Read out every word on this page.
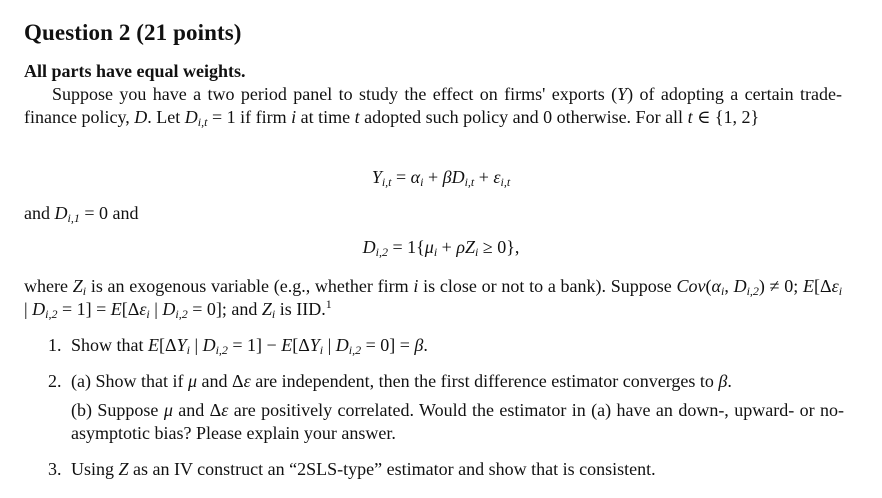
Question 2 (21 points)
All parts have equal weights.
Suppose you have a two period panel to study the effect on firms' exports (Y) of adopting a certain trade-finance policy, D. Let $D_{i,t} = 1$ if firm i at time t adopted such policy and 0 otherwise. For all t ∈ {1, 2}
$Y_{i,t} = \alpha_i + \beta D_{i,t} + \varepsilon_{i,t}$
and $D_{i,1} = 0$ and
$D_{i,2} = 1\{\mu_i + \rho Z_i \ge 0\}$,
where $Z_i$ is an exogenous variable (e.g., whether firm i is close or not to a bank). Suppose $Cov(\alpha_i$, $D_{i,2}) \ne 0$; $E[\Delta\varepsilon_i$ | $D_{i,2} = 1] = E[\Delta\varepsilon_i$ | $D_{i,2} = 0$]; and $Z_i$ is IID.$^1$
1. Show that $E[\Delta Y_i$ | $D_{i,2} = 1] - E[\Delta Y_i$ | $D_{i,2} = 0] = \beta$.
2. (a) Show that if μ and Δε are independent, then the first difference estimator converges to β.
(b) Suppose μ and Δε are positively correlated. Would the estimator in (a) have an down-, upward- or no- asymptotic bias? Please explain your answer.
3. Using Z as an IV construct an “2SLS-type” estimator and show that is consistent.
